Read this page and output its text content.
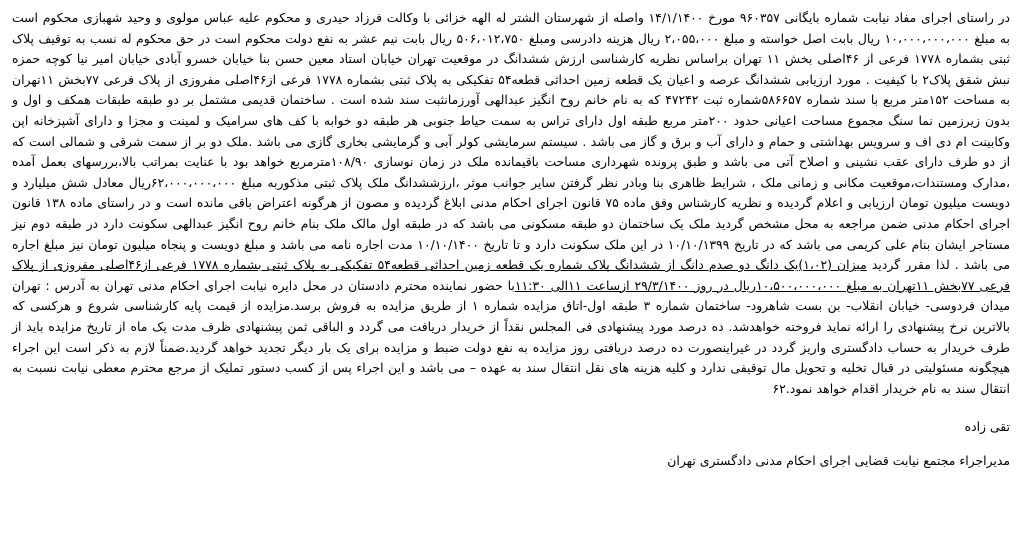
در راستای اجرای مفاد نیابت شماره بایگانی ۹۶۰۳۵۷ مورخ ۱۴/۱/۱۴۰۰ واصله از شهرستان الشتر له الهه خزائی با وکالت فرزاد حیدری و محکوم علیه عباس مولوی و وحید شهبازی محکوم است به مبلغ ۱۰،۰۰۰،۰۰۰،۰۰۰ ریال بابت اصل خواسته و مبلغ ۲،۰۵۵،۰۰۰ ریال هزینه دادرسی ومبلغ ۵۰۶،۰۱۲،۷۵۰ ریال بابت نیم عشر به نفع دولت محکوم است در حق محکوم له نسب به توقیف پلاک ثبتی بشماره ۱۷۷۸ فرعی از ۴۶اصلی بخش ۱۱ تهران براساس نظریه کارشناسی ارزش ششدانگ در موقعیت تهران خیابان استاد معین حسن بنا خیابان خسرو آبادی خیابان امیر نیا کوچه حمزه نبش شقق پلاک۲ با کیفیت . مورد ارزیابی ششدانگ عرصه و اعیان یک قطعه زمین احداثی قطعه۵۴ تفکیکی به پلاک ثبتی بشماره ۱۷۷۸ فرعی از۴۶اصلی مفروزی از پلاک فرعی ۷۷بخش ۱۱تهران به مساحت ۱۵۲متر مربع با سند شماره ۵۸۶۶۵۷شماره ثبت ۴۷۲۴۲ که به نام خانم روح انگیز عبدالهی آورزمانثبت سند شده است . ساختمان قدیمی مشتمل بر دو طبقه طبقات همکف و اول و بدون زیرزمین نما سنگ مجموع مساحت اعیانی حدود ۲۰۰متر مربع طبقه اول دارای تراس به سمت حیاط جنوبی هر طبقه دو خوابه با کف های سرامیک و لمینت و مجزا و دارای آشپزخانه اپن وکابینت ام دی اف و سرویس بهداشتی و حمام و دارای آب و برق و گاز می باشد . سیستم سرمایشی کولر آبی و گرمایشی بخاری گازی می باشد .ملک دو بر از سمت شرقی و شمالی است که از دو طرف دارای عقب نشینی و اصلاح آتی می باشد و طبق پرونده شهرداری مساحت باقیمانده ملک در زمان نوسازی ۱۰۸/۹۰مترمربع خواهد بود با عنایت بمراتب بالا،بررسهای بعمل آمده ،مدارک ومستندات،موقعیت مکانی و زمانی ملک ، شرایط ظاهری بنا وبادر نظر گرفتن سایر جوانب موثر ،ارزششدانگ ملک پلاک ثبتی مذکوربه مبلغ ۶۲،۰۰۰،۰۰۰،۰۰۰ریال معادل شش میلیارد و دویست میلیون تومان ارزیابی و اعلام گردیده و نظریه کارشناس وفق ماده ۷۵ قانون اجرای احکام مدنی ابلاغ گردیده و مصون از هرگونه اعتراض باقی مانده است و در راستای ماده ۱۳۸ قانون اجرای احکام مدنی ضمن مراجعه به محل مشخص گردید ملک یک ساختمان دو طبقه مسکونی می باشد که در طبقه اول مالک ملک بنام خانم روح انگیز عبدالهی سکونت دارد در طبقه دوم نیز مستاجر ایشان بنام علی کریمی می باشد که در تاریخ ۱۰/۱۰/۱۳۹۹ در این ملک سکونت دارد و تا تاریخ ۱۰/۱۰/۱۴۰۰ مدت اجاره نامه می باشد و مبلغ دویست و پنجاه میلیون تومان نیز مبلغ اجاره می باشد . لذا مقرر گردید میزان (۱،۰۲)یک دانگ دو صدم دانگ از ششدانگ پلاک شماره یک قطعه زمین احداثی قطعه۵۴ تفکیکی به پلاک ثبتی بشماره ۱۷۷۸ فرعی از۴۶اصلی مفروزی از پلاک فرعی ۷۷بخش ۱۱تهران به مبلغ ۱۰،۵۰۰،۰۰۰،۰۰۰ریال در روز ۲۹/۳/۱۴۰۰ ازساعت ۱۱الی ۱۱:۳۰با حضور نماینده محترم دادستان در محل دایره نیابت اجرای احکام مدنی تهران به آدرس : تهران میدان فردوسی- خیابان انقلاب- بن بست شاهرود- ساختمان شماره ۳ طبقه اول-اتاق مزایده شماره ۱ از طریق مزایده به فروش برسد.مزایده از قیمت پایه کارشناسی شروع و هرکسی که بالاترین نرخ پیشنهادی را ارائه نماید فروخته خواهدشد. ده درصد مورد پیشنهادی فی المجلس نقداً از خریدار دریافت می گردد و الباقی ثمن پیشنهادی ظرف مدت یک ماه از تاریخ مزایده باید از طرف خریدار به حساب دادگستری واریز گردد در غیراینصورت ده درصد دریافتی روز مزایده به نفع دولت ضبط و مزایده برای یک بار دیگر تجدید خواهد گردید.ضمناً لازم به ذکر است این اجراء هیچگونه مسئولیتی در قبال تخلیه و تحویل مال توقیفی ندارد و کلیه هزینه های نقل انتقال سند به عهده – می باشد و این اجراء پس از کسب دستور تملیک از مرجع محترم معطی نیابت نسبت به انتقال سند به نام خریدار اقدام خواهد نمود.۶۲

تقی زاده

مدیراجراء مجتمع نیابت قضایی اجرای احکام مدنی دادگستری تهران
